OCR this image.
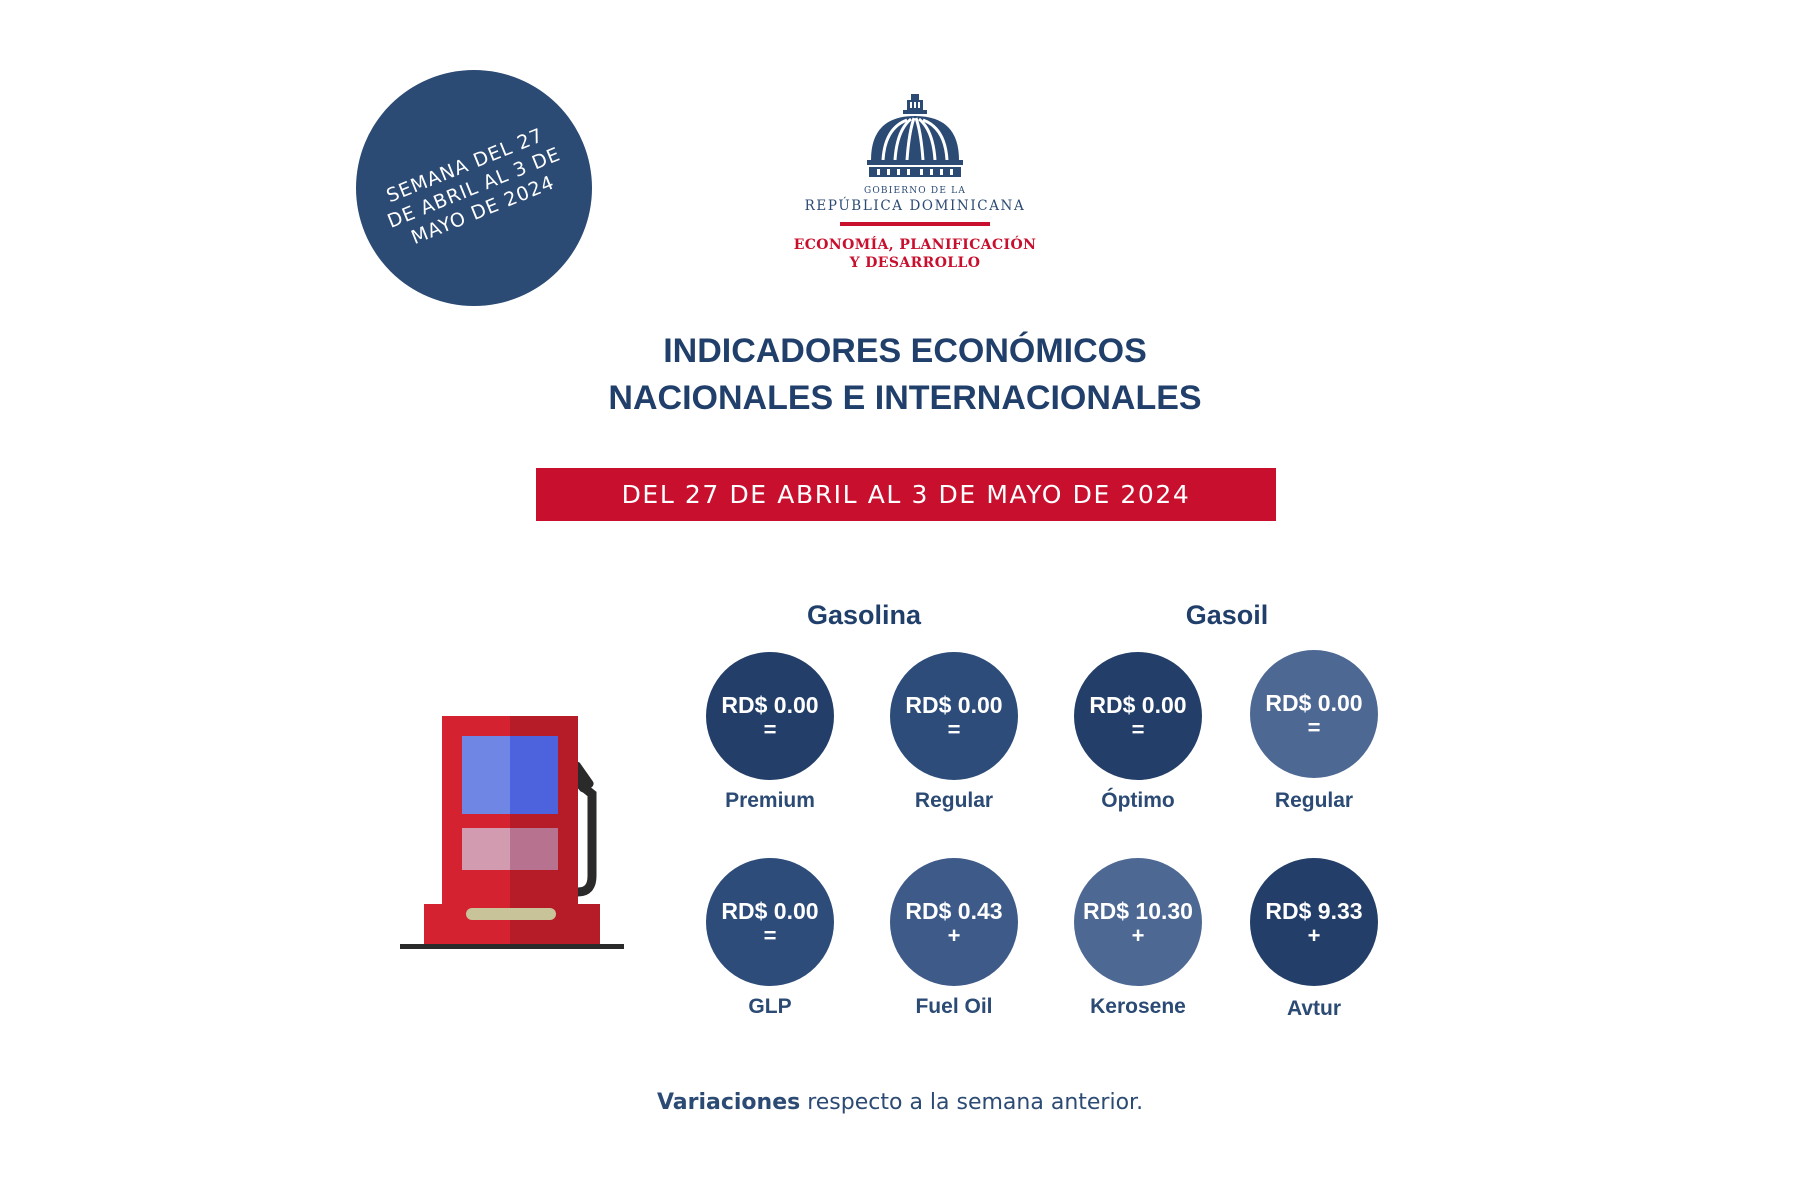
SEMANA DEL 27 DE ABRIL AL 3 DE MAYO DE 2024	GOBIERNO DE LA
REPÚBLICA DOMINICANA
ECONOMÍA, PLANIFICACIÓN
Y DESARROLLO
INDICADORES ECONÓMICOS
NACIONALES E INTERNACIONALES
DEL 27 DE ABRIL AL 3 DE MAYO DE 2024
Gasolina	Gasoil
RD$ 0.00
=
Premium
RD$ 0.00
=
Regular
RD$ 0.00
=
Óptimo
RD$ 0.00
=
Regular
RD$ 0.00
=
GLP
RD$ 0.43
+
Fuel Oil
RD$ 10.30
+
Kerosene
RD$ 9.33
+
Avtur
Variaciones respecto a la semana anterior.
